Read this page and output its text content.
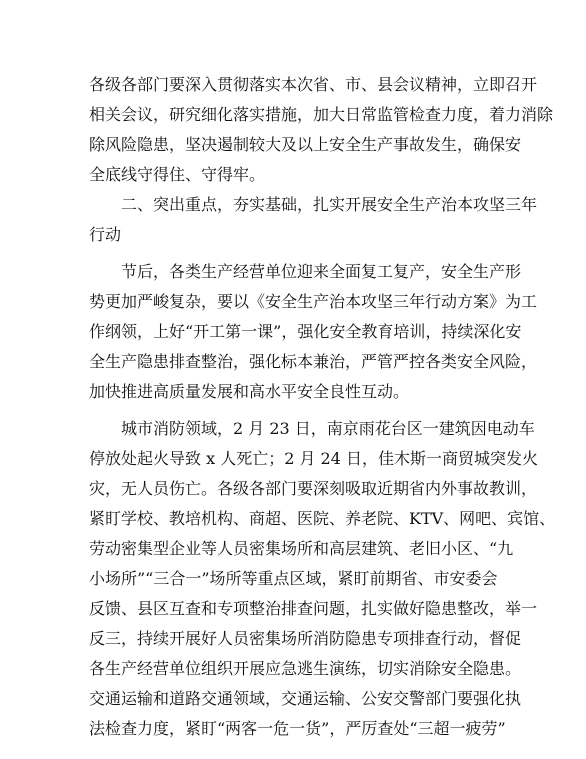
各级各部门要深入贯彻落实本次省、市、县会议精神，立即召开
相关会议，研究细化落实措施，加大日常监管检查力度，着力消除
除风险隐患，坚决遏制较大及以上安全生产事故发生，确保安
全底线守得住、守得牢。
二、突出重点，夯实基础，扎实开展安全生产治本攻坚三年
行动
节后，各类生产经营单位迎来全面复工复产，安全生产形
势更加严峻复杂，要以《安全生产治本攻坚三年行动方案》为工
作纲领，上好“开工第一课”，强化安全教育培训，持续深化安
全生产隐患排查整治，强化标本兼治，严管严控各类安全风险，
加快推进高质量发展和高水平安全良性互动。
城市消防领域，2 月 23 日，南京雨花台区一建筑因电动车
停放处起火导致 x 人死亡；2 月 24 日，佳木斯一商贸城突发火
灾，无人员伤亡。各级各部门要深刻吸取近期省内外事故教训，
紧盯学校、教培机构、商超、医院、养老院、KTV、网吧、宾馆、
劳动密集型企业等人员密集场所和高层建筑、老旧小区、“九
小场所”“三合一”场所等重点区域，紧盯前期省、市安委会
反馈、县区互查和专项整治排查问题，扎实做好隐患整改，举一
反三，持续开展好人员密集场所消防隐患专项排查行动，督促
各生产经营单位组织开展应急逃生演练，切实消除安全隐患。
交通运输和道路交通领域，交通运输、公安交警部门要强化执
法检查力度，紧盯“两客一危一货”，严厉查处“三超一疲劳”
